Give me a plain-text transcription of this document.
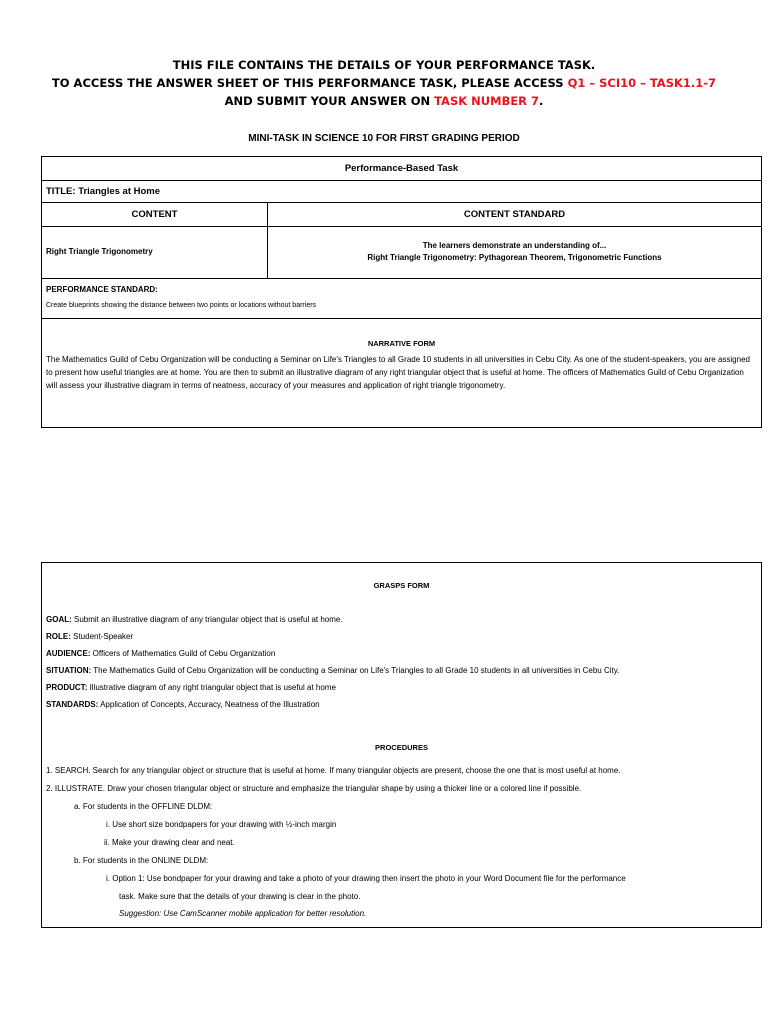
THIS FILE CONTAINS THE DETAILS OF YOUR PERFORMANCE TASK.
TO ACCESS THE ANSWER SHEET OF THIS PERFORMANCE TASK, PLEASE ACCESS Q1 – SCI10 – TASK1.1-7
AND SUBMIT YOUR ANSWER ON TASK NUMBER 7.
MINI-TASK IN SCIENCE 10 FOR FIRST GRADING PERIOD
Performance-Based Task
TITLE: Triangles at Home
CONTENT	CONTENT STANDARD
Right Triangle Trigonometry
The learners demonstrate an understanding of...
Right Triangle Trigonometry: Pythagorean Theorem, Trigonometric Functions
PERFORMANCE STANDARD:
Create blueprints showing the distance between two points or locations without barriers
NARRATIVE FORM
The Mathematics Guild of Cebu Organization will be conducting a Seminar on Life's Triangles to all Grade 10 students in all universities in Cebu City. As one of the student-speakers, you are assigned to present how useful triangles are at home. You are then to submit an illustrative diagram of any right triangular object that is useful at home. The officers of Mathematics Guild of Cebu Organization will assess your illustrative diagram in terms of neatness, accuracy of your measures and application of right triangle trigonometry.
GRASPS FORM
GOAL: Submit an illustrative diagram of any triangular object that is useful at home.
ROLE: Student-Speaker
AUDIENCE: Officers of Mathematics Guild of Cebu Organization
SITUATION: The Mathematics Guild of Cebu Organization will be conducting a Seminar on Life's Triangles to all Grade 10 students in all universities in Cebu City.
PRODUCT: Illustrative diagram of any right triangular object that is useful at home
STANDARDS: Application of Concepts, Accuracy, Neatness of the Illustration
PROCEDURES
1. SEARCH. Search for any triangular object or structure that is useful at home. If many triangular objects are present, choose the one that is most useful at home.
2. ILLUSTRATE. Draw your chosen triangular object or structure and emphasize the triangular shape by using a thicker line or a colored line if possible.
a. For students in the OFFLINE DLDM:
i. Use short size bondpapers for your drawing with ½-inch margin
ii. Make your drawing clear and neat.
b. For students in the ONLINE DLDM:
i. Option 1: Use bondpaper for your drawing and take a photo of your drawing then insert the photo in your Word Document file for the performance
task. Make sure that the details of your drawing is clear in the photo.
Suggestion: Use CamScanner mobile application for better resolution.
